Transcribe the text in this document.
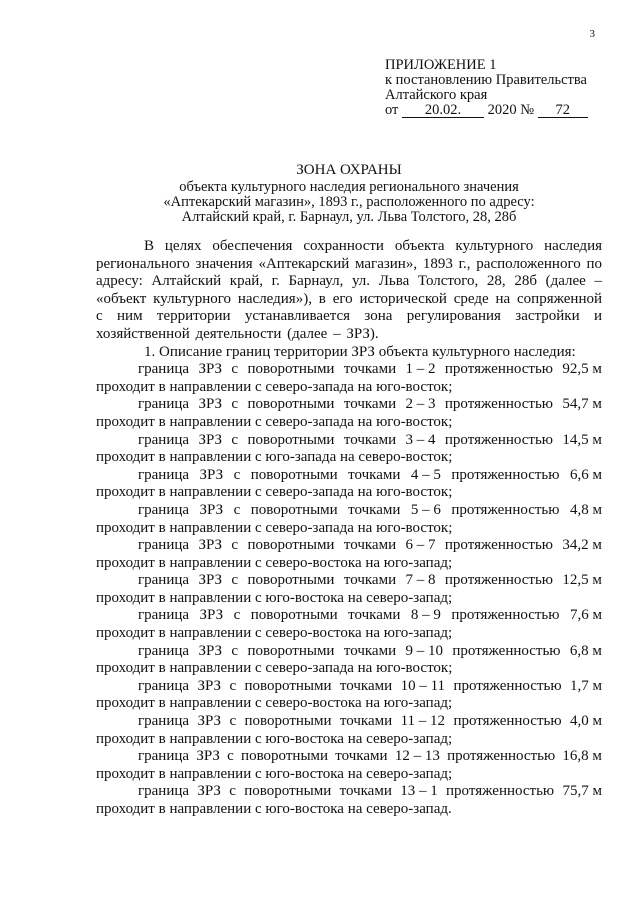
3
ПРИЛОЖЕНИЕ 1
к постановлению Правительства
Алтайского края
от 20.02. 2020 № 72
ЗОНА ОХРАНЫ
объекта культурного наследия регионального значения
«Аптекарский магазин», 1893 г., расположенного по адресу:
Алтайский край, г. Барнаул, ул. Льва Толстого, 28, 28б

В целях обеспечения сохранности объекта культурного наследия регионального значения «Аптекарский магазин», 1893 г., расположенного по адресу: Алтайский край, г. Барнаул, ул. Льва Толстого, 28, 28б (далее – «объект культурного наследия»), в его исторической среде на сопряженной с ним территории устанавливается зона регулирования застройки и хозяйственной деятельности (далее – ЗРЗ).

1. Описание границ территории ЗРЗ объекта культурного наследия:
граница ЗРЗ с поворотными точками 1 – 2 протяженностью 92,5 м
проходит в направлении с северо-запада на юго-восток;
граница ЗРЗ с поворотными точками 2 – 3 протяженностью 54,7 м
проходит в направлении с северо-запада на юго-восток;
граница ЗРЗ с поворотными точками 3 – 4 протяженностью 14,5 м
проходит в направлении с юго-запада на северо-восток;
граница ЗРЗ с поворотными точками 4 – 5 протяженностью 6,6 м
проходит в направлении с северо-запада на юго-восток;
граница ЗРЗ с поворотными точками 5 – 6 протяженностью 4,8 м
проходит в направлении с северо-запада на юго-восток;
граница ЗРЗ с поворотными точками 6 – 7 протяженностью 34,2 м
проходит в направлении с северо-востока на юго-запад;
граница ЗРЗ с поворотными точками 7 – 8 протяженностью 12,5 м
проходит в направлении с юго-востока на северо-запад;
граница ЗРЗ с поворотными точками 8 – 9 протяженностью 7,6 м
проходит в направлении с северо-востока на юго-запад;
граница ЗРЗ с поворотными точками 9 – 10 протяженностью 6,8 м
проходит в направлении с северо-запада на юго-восток;
граница ЗРЗ с поворотными точками 10 – 11 протяженностью 1,7 м
проходит в направлении с северо-востока на юго-запад;
граница ЗРЗ с поворотными точками 11 – 12 протяженностью 4,0 м
проходит в направлении с юго-востока на северо-запад;
граница ЗРЗ с поворотными точками 12 – 13 протяженностью 16,8 м
проходит в направлении с юго-востока на северо-запад;
граница ЗРЗ с поворотными точками 13 – 1 протяженностью 75,7 м
проходит в направлении с юго-востока на северо-запад.
